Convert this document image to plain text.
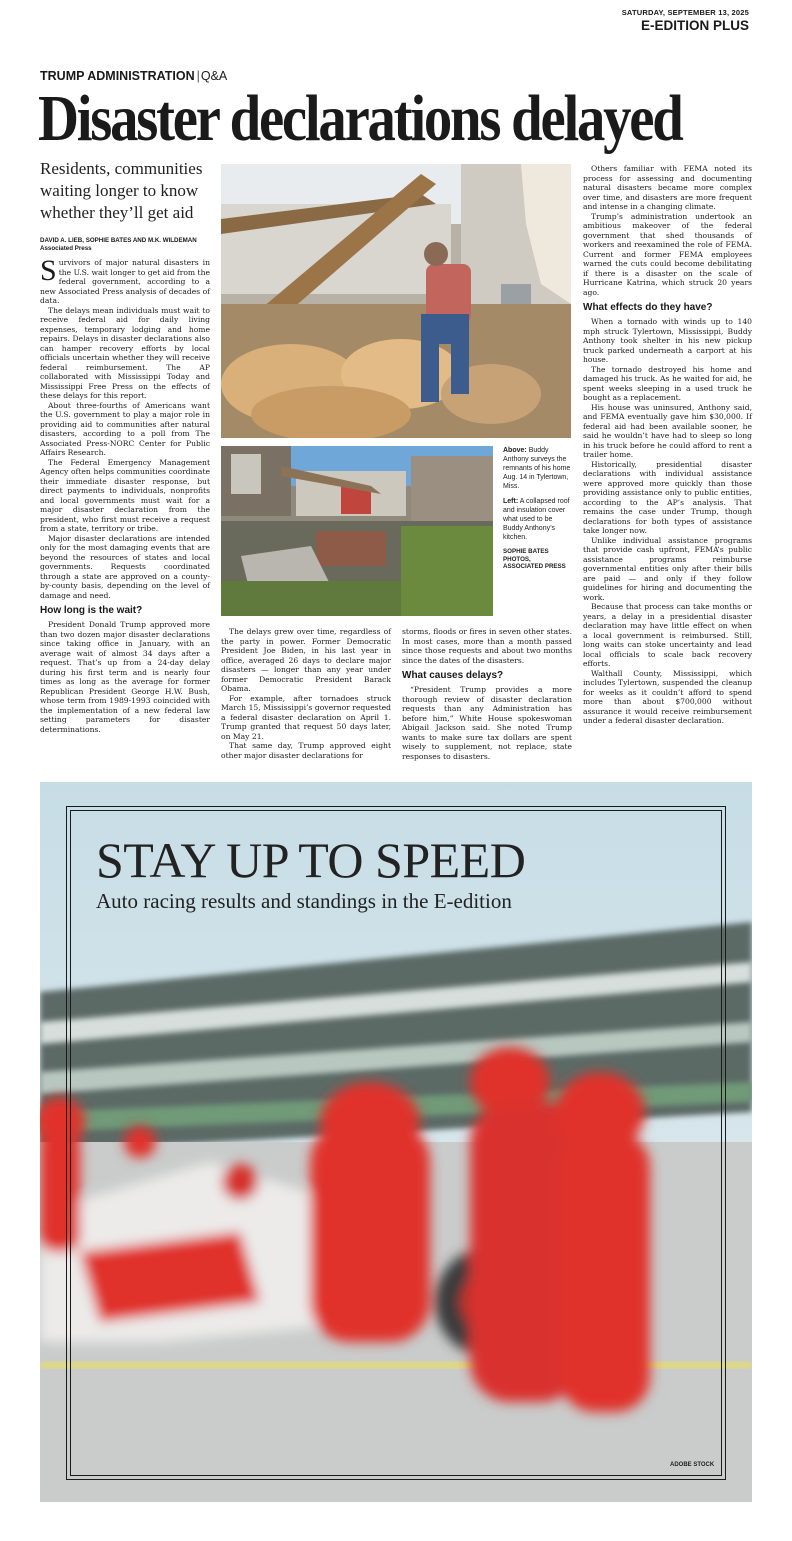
SATURDAY, SEPTEMBER 13, 2025
E-EDITION PLUS
TRUMP ADMINISTRATION |Q&A
Disaster declarations delayed
Residents, communities waiting longer to know whether they’ll get aid
DAVID A. LIEB, SOPHIE BATES AND M.K. WILDEMAN
Associated Press

Survivors of major natural disasters in the U.S. wait longer to get aid from the federal government, according to a new Associated Press analysis of decades of data.

The delays mean individuals must wait to receive federal aid for daily living expenses, temporary lodging and home repairs. Delays in disaster declarations also can hamper recovery efforts by local officials uncertain whether they will receive federal reimbursement. The AP collaborated with Mississippi Today and Mississippi Free Press on the effects of these delays for this report.

About three-fourths of Americans want the U.S. government to play a major role in providing aid to communities after natural disasters, according to a poll from The Associated Press-NORC Center for Public Affairs Research.

The Federal Emergency Management Agency often helps communities coordinate their immediate disaster response, but direct payments to individuals, nonprofits and local governments must wait for a major disaster declaration from the president, who first must receive a request from a state, territory or tribe.

Major disaster declarations are intended only for the most damaging events that are beyond the resources of states and local governments. Requests coordinated through a state are approved on a county-by-county basis, depending on the level of damage and need.

How long is the wait?

President Donald Trump approved more than two dozen major disaster declarations since taking office in January, with an average wait of almost 34 days after a request. That’s up from a 24-day delay during his first term and is nearly four times as long as the average for former Republican President George H.W. Bush, whose term from 1989-1993 coincided with the implementation of a new federal law setting parameters for disaster determinations.

Above: Buddy Anthony surveys the remnants of his home Aug. 14 in Tylertown, Miss.
Left: A collapsed roof and insulation cover what used to be Buddy Anthony’s kitchen.
SOPHIE BATES PHOTOS,
ASSOCIATED PRESS

The delays grew over time, regardless of the party in power. Former Democratic President Joe Biden, in his last year in office, averaged 26 days to declare major disasters — longer than any year under former Democratic President Barack Obama.

For example, after tornadoes struck March 15, Mississippi’s governor requested a federal disaster declaration on April 1. Trump granted that request 50 days later, on May 21.

That same day, Trump approved eight other major disaster declarations for

storms, floods or fires in seven other states. In most cases, more than a month passed since those requests and about two months since the dates of the disasters.

What causes delays?

“President Trump provides a more thorough review of disaster declaration requests than any Administration has before him,” White House spokeswoman Abigail Jackson said. She noted Trump wants to make sure tax dollars are spent wisely to supplement, not replace, state responses to disasters.

Others familiar with FEMA noted its process for assessing and documenting natural disasters became more complex over time, and disasters are more frequent and intense in a changing climate.

Trump’s administration undertook an ambitious makeover of the federal government that shed thousands of workers and reexamined the role of FEMA. Current and former FEMA employees warned the cuts could become debilitating if there is a disaster on the scale of Hurricane Katrina, which struck 20 years ago.

What effects do they have?

When a tornado with winds up to 140 mph struck Tylertown, Mississippi, Buddy Anthony took shelter in his new pickup truck parked underneath a carport at his house.

The tornado destroyed his home and damaged his truck. As he waited for aid, he spent weeks sleeping in a used truck he bought as a replacement.

His house was uninsured, Anthony said, and FEMA eventually gave him $30,000. If federal aid had been available sooner, he said he wouldn’t have had to sleep so long in his truck before he could afford to rent a trailer home.

Historically, presidential disaster declarations with individual assistance were approved more quickly than those providing assistance only to public entities, according to the AP’s analysis. That remains the case under Trump, though declarations for both types of assistance take longer now.

Unlike individual assistance programs that provide cash upfront, FEMA’s public assistance programs reimburse governmental entities only after their bills are paid — and only if they follow guidelines for hiring and documenting the work.

Because that process can take months or years, a delay in a presidential disaster declaration may have little effect on when a local government is reimbursed. Still, long waits can stoke uncertainty and lead local officials to scale back recovery efforts.

Walthall County, Mississippi, which includes Tylertown, suspended the cleanup for weeks as it couldn’t afford to spend more than about $700,000 without assurance it would receive reimbursement under a federal disaster declaration.

STAY UP TO SPEED
Auto racing results and standings in the E-edition
ADOBE STOCK
